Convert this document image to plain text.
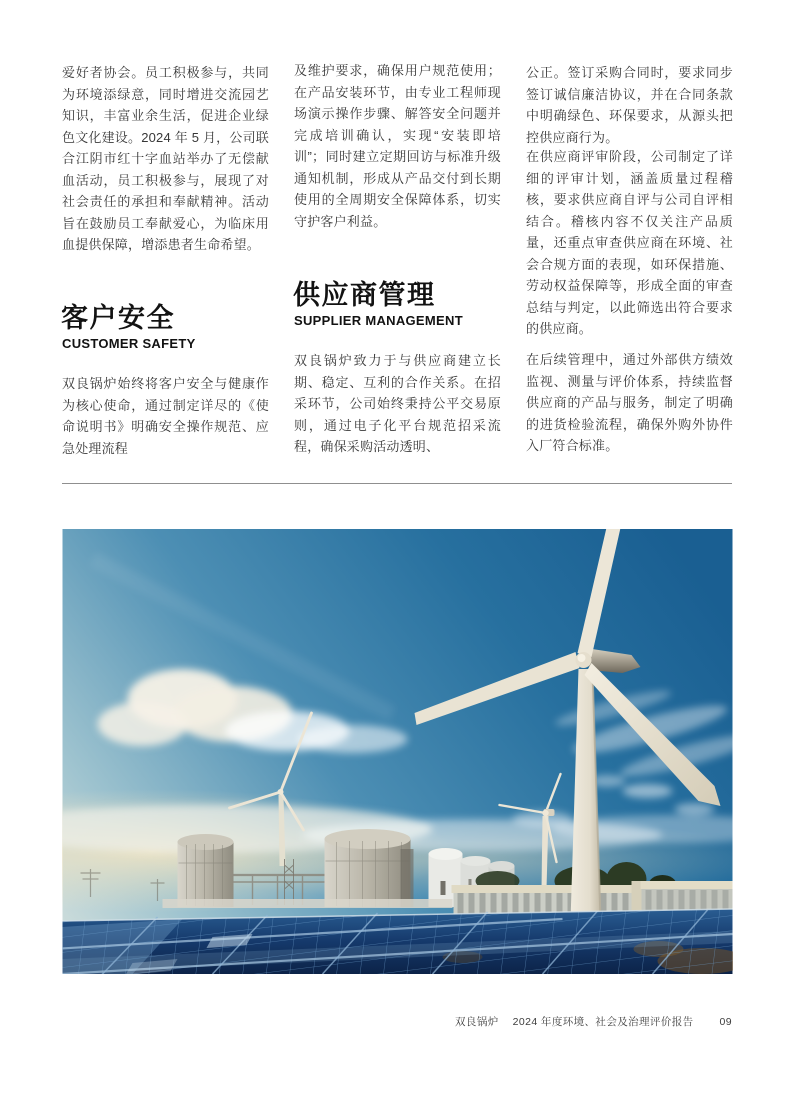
爱好者协会。员工积极参与，共同为环境添绿意，同时增进交流园艺知识，丰富业余生活，促进企业绿色文化建设。2024 年 5 月，公司联合江阴市红十字血站举办了无偿献血活动，员工积极参与，展现了对社会责任的承担和奉献精神。活动旨在鼓励员工奉献爱心，为临床用血提供保障，增添患者生命希望。

客户安全
CUSTOMER SAFETY

双良锅炉始终将客户安全与健康作为核心使命，通过制定详尽的《使命说明书》明确安全操作规范、应急处理流程

及维护要求，确保用户规范使用；在产品安装环节，由专业工程师现场演示操作步骤、解答安全问题并完成培训确认，实现“安装即培训”；同时建立定期回访与标准升级通知机制，形成从产品交付到长期使用的全周期安全保障体系，切实守护客户利益。

供应商管理
SUPPLIER MANAGEMENT

双良锅炉致力于与供应商建立长期、稳定、互利的合作关系。在招采环节，公司始终秉持公平交易原则，通过电子化平台规范招采流程，确保采购活动透明、

公正。签订采购合同时，要求同步签订诚信廉洁协议，并在合同条款中明确绿色、环保要求，从源头把控供应商行为。

在供应商评审阶段，公司制定了详细的评审计划，涵盖质量过程稽核，要求供应商自评与公司自评相结合。稽核内容不仅关注产品质量，还重点审查供应商在环境、社会合规方面的表现，如环保措施、劳动权益保障等，形成全面的审查总结与判定，以此筛选出符合要求的供应商。

在后续管理中，通过外部供方绩效监视、测量与评价体系，持续监督供应商的产品与服务，制定了明确的进货检验流程，确保外购外协件入厂符合标准。

双良锅炉 2024 年度环境、社会及治理评价报告 09
